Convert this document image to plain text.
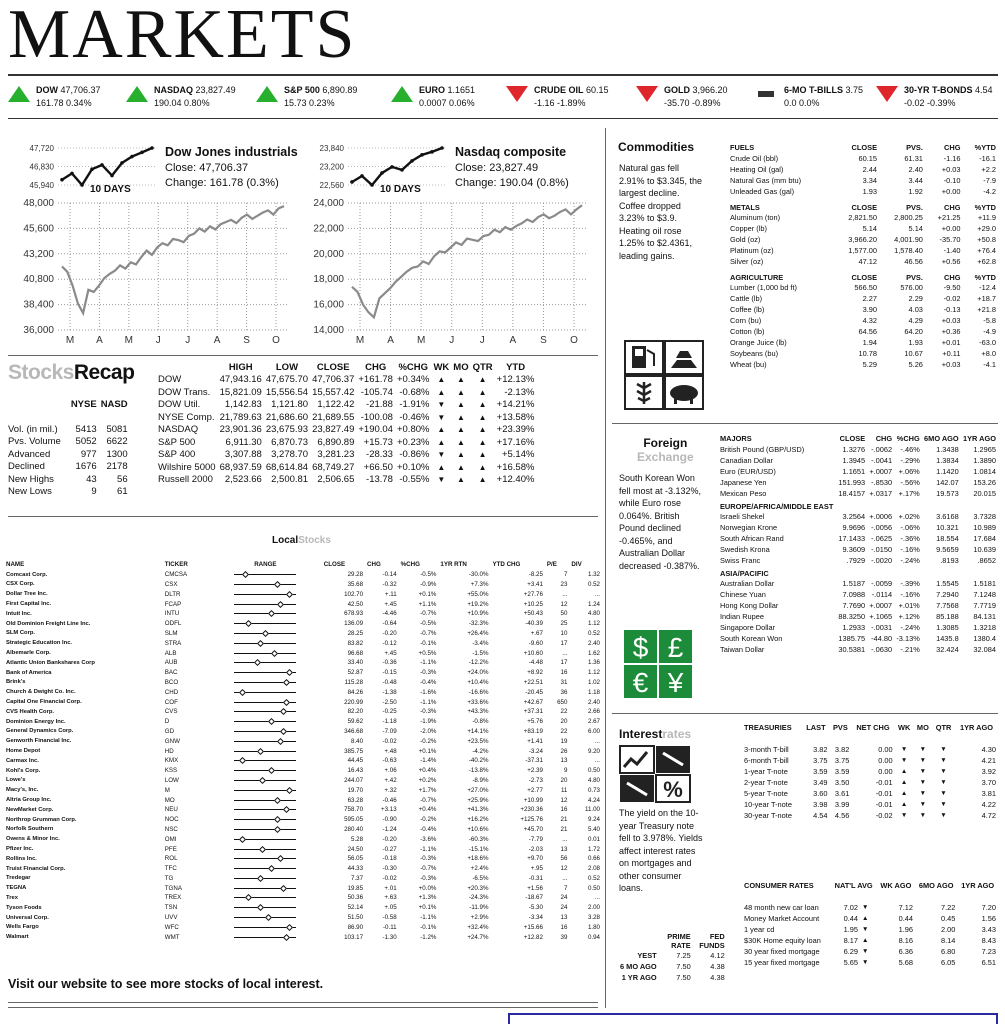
MARKETS
DOW 47,706.37
161.78 0.34%
NASDAQ 23,827.49
190.04 0.80%
S&P 500 6,890.89
15.73 0.23%
EURO 1.1651
0.0007 0.06%
CRUDE OIL 60.15
-1.16 -1.89%
GOLD 3,966.20
-35.70 -0.89%
6-MO T-BILLS 3.75
0.0 0.0%
30-YR T-BONDS 4.54
-0.02 -0.39%
48,000
45,600
43,200
40,800
38,400
36,000
M A M J J A S O
47,720
46,830
45,940	10 DAYS
Dow Jones industrials
Close: 47,706.37
Change: 161.78 (0.3%)
24,000
22,000
20,000
18,000
16,000
14,000
M A M J	J A S O
23,840
23,200
22,560	10 DAYS
Nasdaq composite
Close: 23,827.49
Change: 190.04 (0.8%)
StocksRecap
	NYSE	NASD

Vol. (in mil.)	5413	5081
Pvs. Volume	5052	6622
Advanced	977	1300
Declined	1676	2178
New Highs	43	56
New Lows	9	61
	HIGH	LOW	CLOSE	CHG	%CHG	WK	MO	QTR	YTD
DOW	47,943.16	47,675.70	47,706.37	+161.78	+0.34%	▲	▲	▲	+12.13%
DOW Trans.	15,821.09	15,556.54	15,557.42	-105.74	-0.68%	▲	▲	▲	-2.13%
DOW Util.	1,142.83	1,121.80	1,122.42	-21.88	-1.91%	▼	▲	▲	+14.21%
NYSE Comp.	21,789.63	21,686.60	21,689.55	-100.08	-0.46%	▼	▲	▲	+13.58%
NASDAQ	23,901.36	23,675.93	23,827.49	+190.04	+0.80%	▲	▲	▲	+23.39%
S&P 500	6,911.30	6,870.73	6,890.89	+15.73	+0.23%	▲	▲	▲	+17.16%
S&P 400	3,307.88	3,278.70	3,281.23	-28.33	-0.86%	▼	▲	▲	+5.14%
Wilshire 5000	68,937.59	68,614.84	68,749.27	+66.50	+0.10%	▲	▲	▲	+16.58%
Russell 2000	2,523.66	2,500.81	2,506.65	-13.78	-0.55%	▼	▲	▲	+12.40%
LocalStocks
NAME	TICKER	RANGE	CLOSE	CHG	%CHG	1YR RTN	YTD CHG	P/E	DIV
Comcast Corp.	CMCSA		29.28	-0.14	-0.5%	-30.0%	-8.25	7	1.32
CSX Corp.	CSX		35.68	-0.32	-0.9%	+7.3%	+3.41	23	0.52
Dollar Tree Inc.	DLTR		102.70	+.11	+0.1%	+55.0%	+27.76	...	...
First Capital Inc.	FCAP		42.50	+.45	+1.1%	+19.2%	+10.25	12	1.24
Intuit Inc.	INTU		678.93	-4.46	-0.7%	+10.9%	+50.43	50	4.80
Old Dominion Freight Line Inc.	ODFL		136.09	-0.64	-0.5%	-32.3%	-40.39	25	1.12
SLM Corp.	SLM		28.25	-0.20	-0.7%	+26.4%	+.67	10	0.52
Strategic Education Inc.	STRA		83.82	-0.12	-0.1%	-3.4%	-9.60	17	2.40
Albemarle Corp.	ALB		96.68	+.45	+0.5%	-1.5%	+10.60	...	1.62
Atlantic Union Bankshares Corp	AUB		33.40	-0.36	-1.1%	-12.2%	-4.48	17	1.36
Bank of America	BAC		52.87	-0.15	-0.3%	+24.0%	+8.92	16	1.12
Brink's	BCO		115.28	-0.48	-0.4%	+10.4%	+22.51	31	1.02
Church & Dwight Co. Inc.	CHD		84.26	-1.38	-1.6%	-16.6%	-20.45	36	1.18
Capital One Financial Corp.	COF		220.99	-2.50	-1.1%	+33.6%	+42.67	650	2.40
CVS Health Corp.	CVS		82.20	-0.25	-0.3%	+43.3%	+37.31	22	2.66
Dominion Energy Inc.	D		59.62	-1.18	-1.9%	-0.8%	+5.76	20	2.67
General Dynamics Corp.	GD		346.68	-7.09	-2.0%	+14.1%	+83.19	22	6.00
Genworth Financial Inc.	GNW		8.40	-0.02	-0.2%	+23.5%	+1.41	19	...
Home Depot	HD		385.75	+.48	+0.1%	-4.2%	-3.24	26	9.20
Carmax Inc.	KMX		44.45	-0.63	-1.4%	-40.2%	-37.31	13	...
Kohl's Corp.	KSS		16.43	+.06	+0.4%	-13.8%	+2.39	9	0.50
Lowe's	LOW		244.07	+.42	+0.2%	-8.9%	-2.73	20	4.80
Macy's, Inc.	M		19.70	+.32	+1.7%	+27.0%	+2.77	11	0.73
Altria Group Inc.	MO		63.28	-0.46	-0.7%	+25.9%	+10.99	12	4.24
NewMarket Corp.	NEU		758.70	+3.13	+0.4%	+41.3%	+230.36	16	11.00
Northrop Grumman Corp.	NOC		595.05	-0.90	-0.2%	+16.2%	+125.76	21	9.24
Norfolk Southern	NSC		280.40	-1.24	-0.4%	+10.6%	+45.70	21	5.40
Owens & Minor Inc.	OMI		5.28	-0.20	-3.6%	-60.3%	-7.79	...	0.01
Pfizer Inc.	PFE		24.50	-0.27	-1.1%	-15.1%	-2.03	13	1.72
Rollins Inc.	ROL		56.05	-0.18	-0.3%	+18.6%	+9.70	56	0.66
Truist Financial Corp.	TFC		44.33	-0.30	-0.7%	+2.4%	+.95	12	2.08
Tredegar	TG		7.37	-0.02	-0.3%	-6.5%	-0.31	...	0.52
TEGNA	TGNA		19.85	+.01	+0.0%	+20.3%	+1.56	7	0.50
Trex	TREX		50.36	+.63	+1.3%	-24.3%	-18.67	24	...
Tyson Foods	TSN		52.14	+.05	+0.1%	-11.9%	-5.30	24	2.00
Universal Corp.	UVV		51.50	-0.58	-1.1%	+2.9%	-3.34	13	3.28
Wells Fargo	WFC		86.90	-0.11	-0.1%	+32.4%	+15.66	16	1.80
Walmart	WMT		103.17	-1.30	-1.2%	+24.7%	+12.82	39	0.94
Visit our website to see more stocks of local interest.
Commodities
Natural gas fell 2.91% to $3.345, the largest decline. Coffee dropped 3.23% to $3.9. Heating oil rose 1.25% to $2.4361, leading gains.
FUELS	CLOSE	PVS.	CHG	%YTD
Crude Oil (bbl)	60.15	61.31	-1.16	-16.1
Heating Oil (gal)	2.44	2.40	+0.03	+2.2
Natural Gas (mm btu)	3.34	3.44	-0.10	-7.9
Unleaded Gas (gal)	1.93	1.92	+0.00	-4.2
METALS	CLOSE	PVS.	CHG	%YTD
Aluminum (ton)	2,821.50	2,800.25	+21.25	+11.9
Copper (lb)	5.14	5.14	+0.00	+29.0
Gold (oz)	3,966.20	4,001.90	-35.70	+50.8
Platinum (oz)	1,577.00	1,578.40	-1.40	+76.4
Silver (oz)	47.12	46.56	+0.56	+62.8
AGRICULTURE	CLOSE	PVS.	CHG	%YTD
Lumber (1,000 bd ft)	566.50	576.00	-9.50	-12.4
Cattle (lb)	2.27	2.29	-0.02	+18.7
Coffee (lb)	3.90	4.03	-0.13	+21.8
Corn (bu)	4.32	4.29	+0.03	-5.8
Cotton (lb)	64.56	64.20	+0.36	-4.9
Orange Juice (lb)	1.94	1.93	+0.01	-63.0
Soybeans (bu)	10.78	10.67	+0.11	+8.0
Wheat (bu)	5.29	5.26	+0.03	-4.1
Foreign
Exchange
South Korean Won fell most at -3.132%, while Euro rose 0.064%. British Pound declined -0.465%, and Australian Dollar decreased -0.387%.
$ £
€ ¥
MAJORS	CLOSE	CHG	%CHG	6MO AGO	1YR AGO
British Pound (GBP/USD)	1.3276	-.0062	-.46%	1.3438	1.2965
Canadian Dollar	1.3945	-.0041	-.29%	1.3834	1.3890
Euro (EUR/USD)	1.1651	+.0007	+.06%	1.1420	1.0814
Japanese Yen	151.993	-.8530	-.56%	142.07	153.26
Mexican Peso	18.4157	+.0317	+.17%	19.573	20.015
EUROPE/AFRICA/MIDDLE EAST					
Israeli Shekel	3.2564	+.0006	+.02%	3.6168	3.7328
Norwegian Krone	9.9696	-.0056	-.06%	10.321	10.989
South African Rand	17.1433	-.0625	-.36%	18.554	17.684
Swedish Krona	9.3609	-.0150	-.16%	9.5659	10.639
Swiss Franc	.7929	-.0020	-.24%	.8193	.8652
ASIA/PACIFIC					
Australian Dollar	1.5187	-.0059	-.39%	1.5545	1.5181
Chinese Yuan	7.0988	-.0114	-.16%	7.2940	7.1248
Hong Kong Dollar	7.7690	+.0007	+.01%	7.7568	7.7719
Indian Rupee	88.3250	+.1065	+.12%	85.188	84.131
Singapore Dollar	1.2933	-.0031	-.24%	1.3085	1.3218
South Korean Won	1385.75	-44.80	-3.13%	1435.8	1380.4
Taiwan Dollar	30.5381	-.0630	-.21%	32.424	32.084
Interestrates
%
The yield on the 10-year Treasury note fell to 3.978%. Yields affect interest rates on mortgages and other consumer loans.
	PRIME RATE	FED FUNDS
YEST	7.25	4.12
6 MO AGO	7.50	4.38
1 YR AGO	7.50	4.38
TREASURIES	LAST	PVS	NET CHG	WK	MO	QTR	1YR AGO

3-month T-bill	3.82	3.82	0.00	▼	▼	▼	4.30
6-month T-bill	3.75	3.75	0.00	▼	▼	▼	4.21
1-year T-note	3.59	3.59	0.00	▲	▼	▼	3.92
2-year T-note	3.49	3.50	-0.01	▲	▼	▼	3.70
5-year T-note	3.60	3.61	-0.01	▲	▼	▼	3.81
10-year T-note	3.98	3.99	-0.01	▲	▼	▼	4.22
30-year T-note	4.54	4.56	-0.02	▼	▼	▼	4.72
CONSUMER RATES	NAT'L AVG		WK AGO	6MO AGO	1YR AGO

48 month new car loan	7.02	▼	7.12	7.22	7.20
Money Market Account	0.44	▲	0.44	0.45	1.56
1 year cd	1.95	▼	1.96	2.00	3.43
$30K Home equity loan	8.17	▲	8.16	8.14	8.43
30 year fixed mortgage	6.29	▼	6.36	6.80	7.23
15 year fixed mortgage	5.65	▼	5.68	6.05	6.51
